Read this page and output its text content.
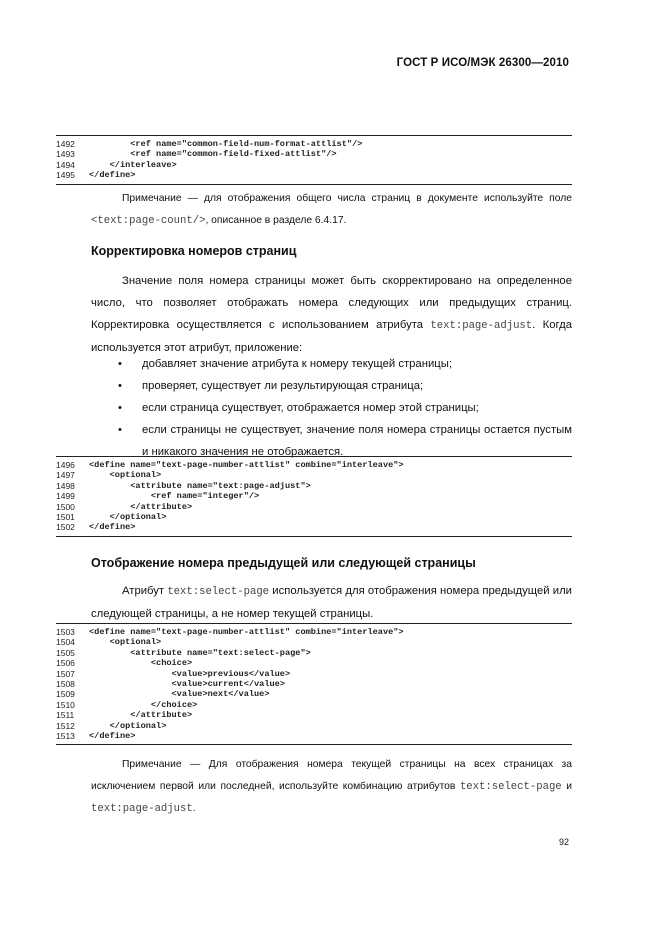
ГОСТ Р ИСО/МЭК 26300—2010
1492	<ref name="common-field-num-format-attlist"/>
1493	<ref name="common-field-fixed-attlist"/>
1494	</interleave>
1495	</define>
Примечание — для отображения общего числа страниц в документе используйте поле <text:page-count/>, описанное в разделе 6.4.17.
Корректировка номеров страниц
Значение поля номера страницы может быть скорректировано на определенное число, что позволяет отображать номера следующих или предыдущих страниц. Корректировка осуществляется с использованием атрибута text:page-adjust. Когда используется этот атрибут, приложение:
•	добавляет значение атрибута к номеру текущей страницы;
•	проверяет, существует ли результирующая страница;
•	если страница существует, отображается номер этой страницы;
•	если страницы не существует, значение поля номера страницы остается пустым и никакого значения не отображается.
1496	<define name="text-page-number-attlist" combine="interleave">
1497	<optional>
1498	<attribute name="text:page-adjust">
1499	<ref name="integer"/>
1500	</attribute>
1501	</optional>
1502	</define>
Отображение номера предыдущей или следующей страницы
Атрибут text:select-page используется для отображения номера предыдущей или следующей страницы, а не номер текущей страницы.
1503	<define name="text-page-number-attlist" combine="interleave">
1504	<optional>
1505	<attribute name="text:select-page">
1506	<choice>
1507	<value>previous</value>
1508	<value>current</value>
1509	<value>next</value>
1510	</choice>
1511	</attribute>
1512	</optional>
1513	</define>
Примечание — Для отображения номера текущей страницы на всех страницах за исключением первой или последней, используйте комбинацию атрибутов text:select-page и text:page-adjust.
92
